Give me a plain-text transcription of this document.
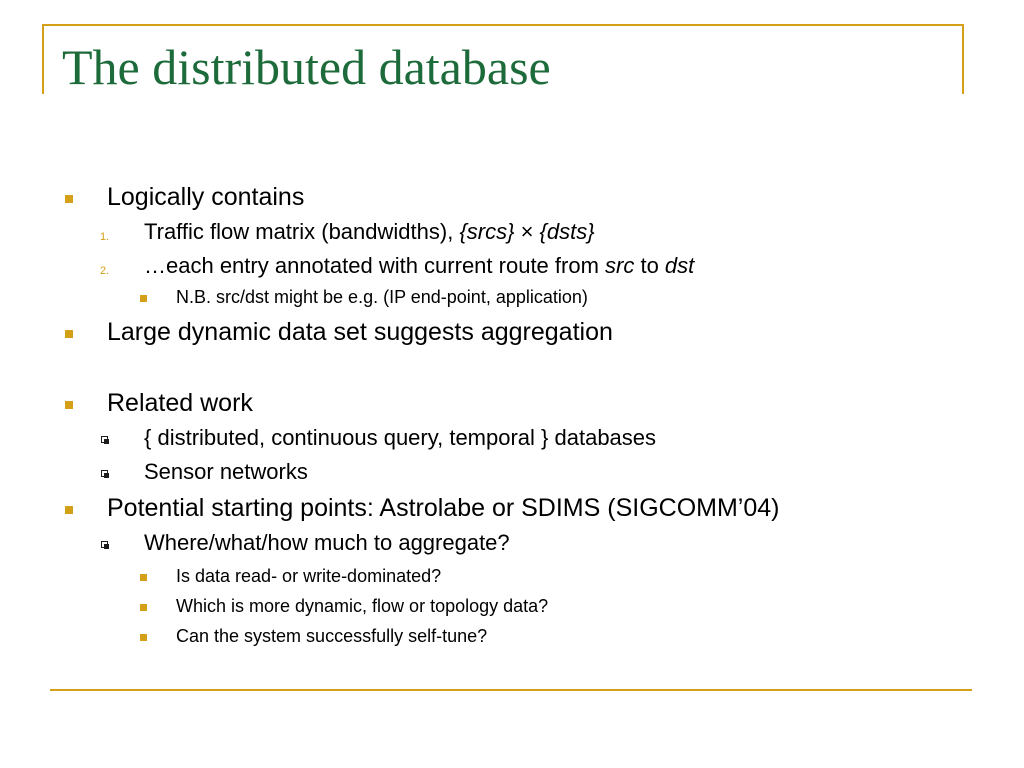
The distributed database
Logically contains
1. Traffic flow matrix (bandwidths), {srcs} × {dsts}
2. …each entry annotated with current route from src to dst
N.B. src/dst might be e.g. (IP end-point, application)
Large dynamic data set suggests aggregation
Related work
{ distributed, continuous query, temporal } databases
Sensor networks
Potential starting points: Astrolabe or SDIMS (SIGCOMM’04)
Where/what/how much to aggregate?
Is data read- or write-dominated?
Which is more dynamic, flow or topology data?
Can the system successfully self-tune?
